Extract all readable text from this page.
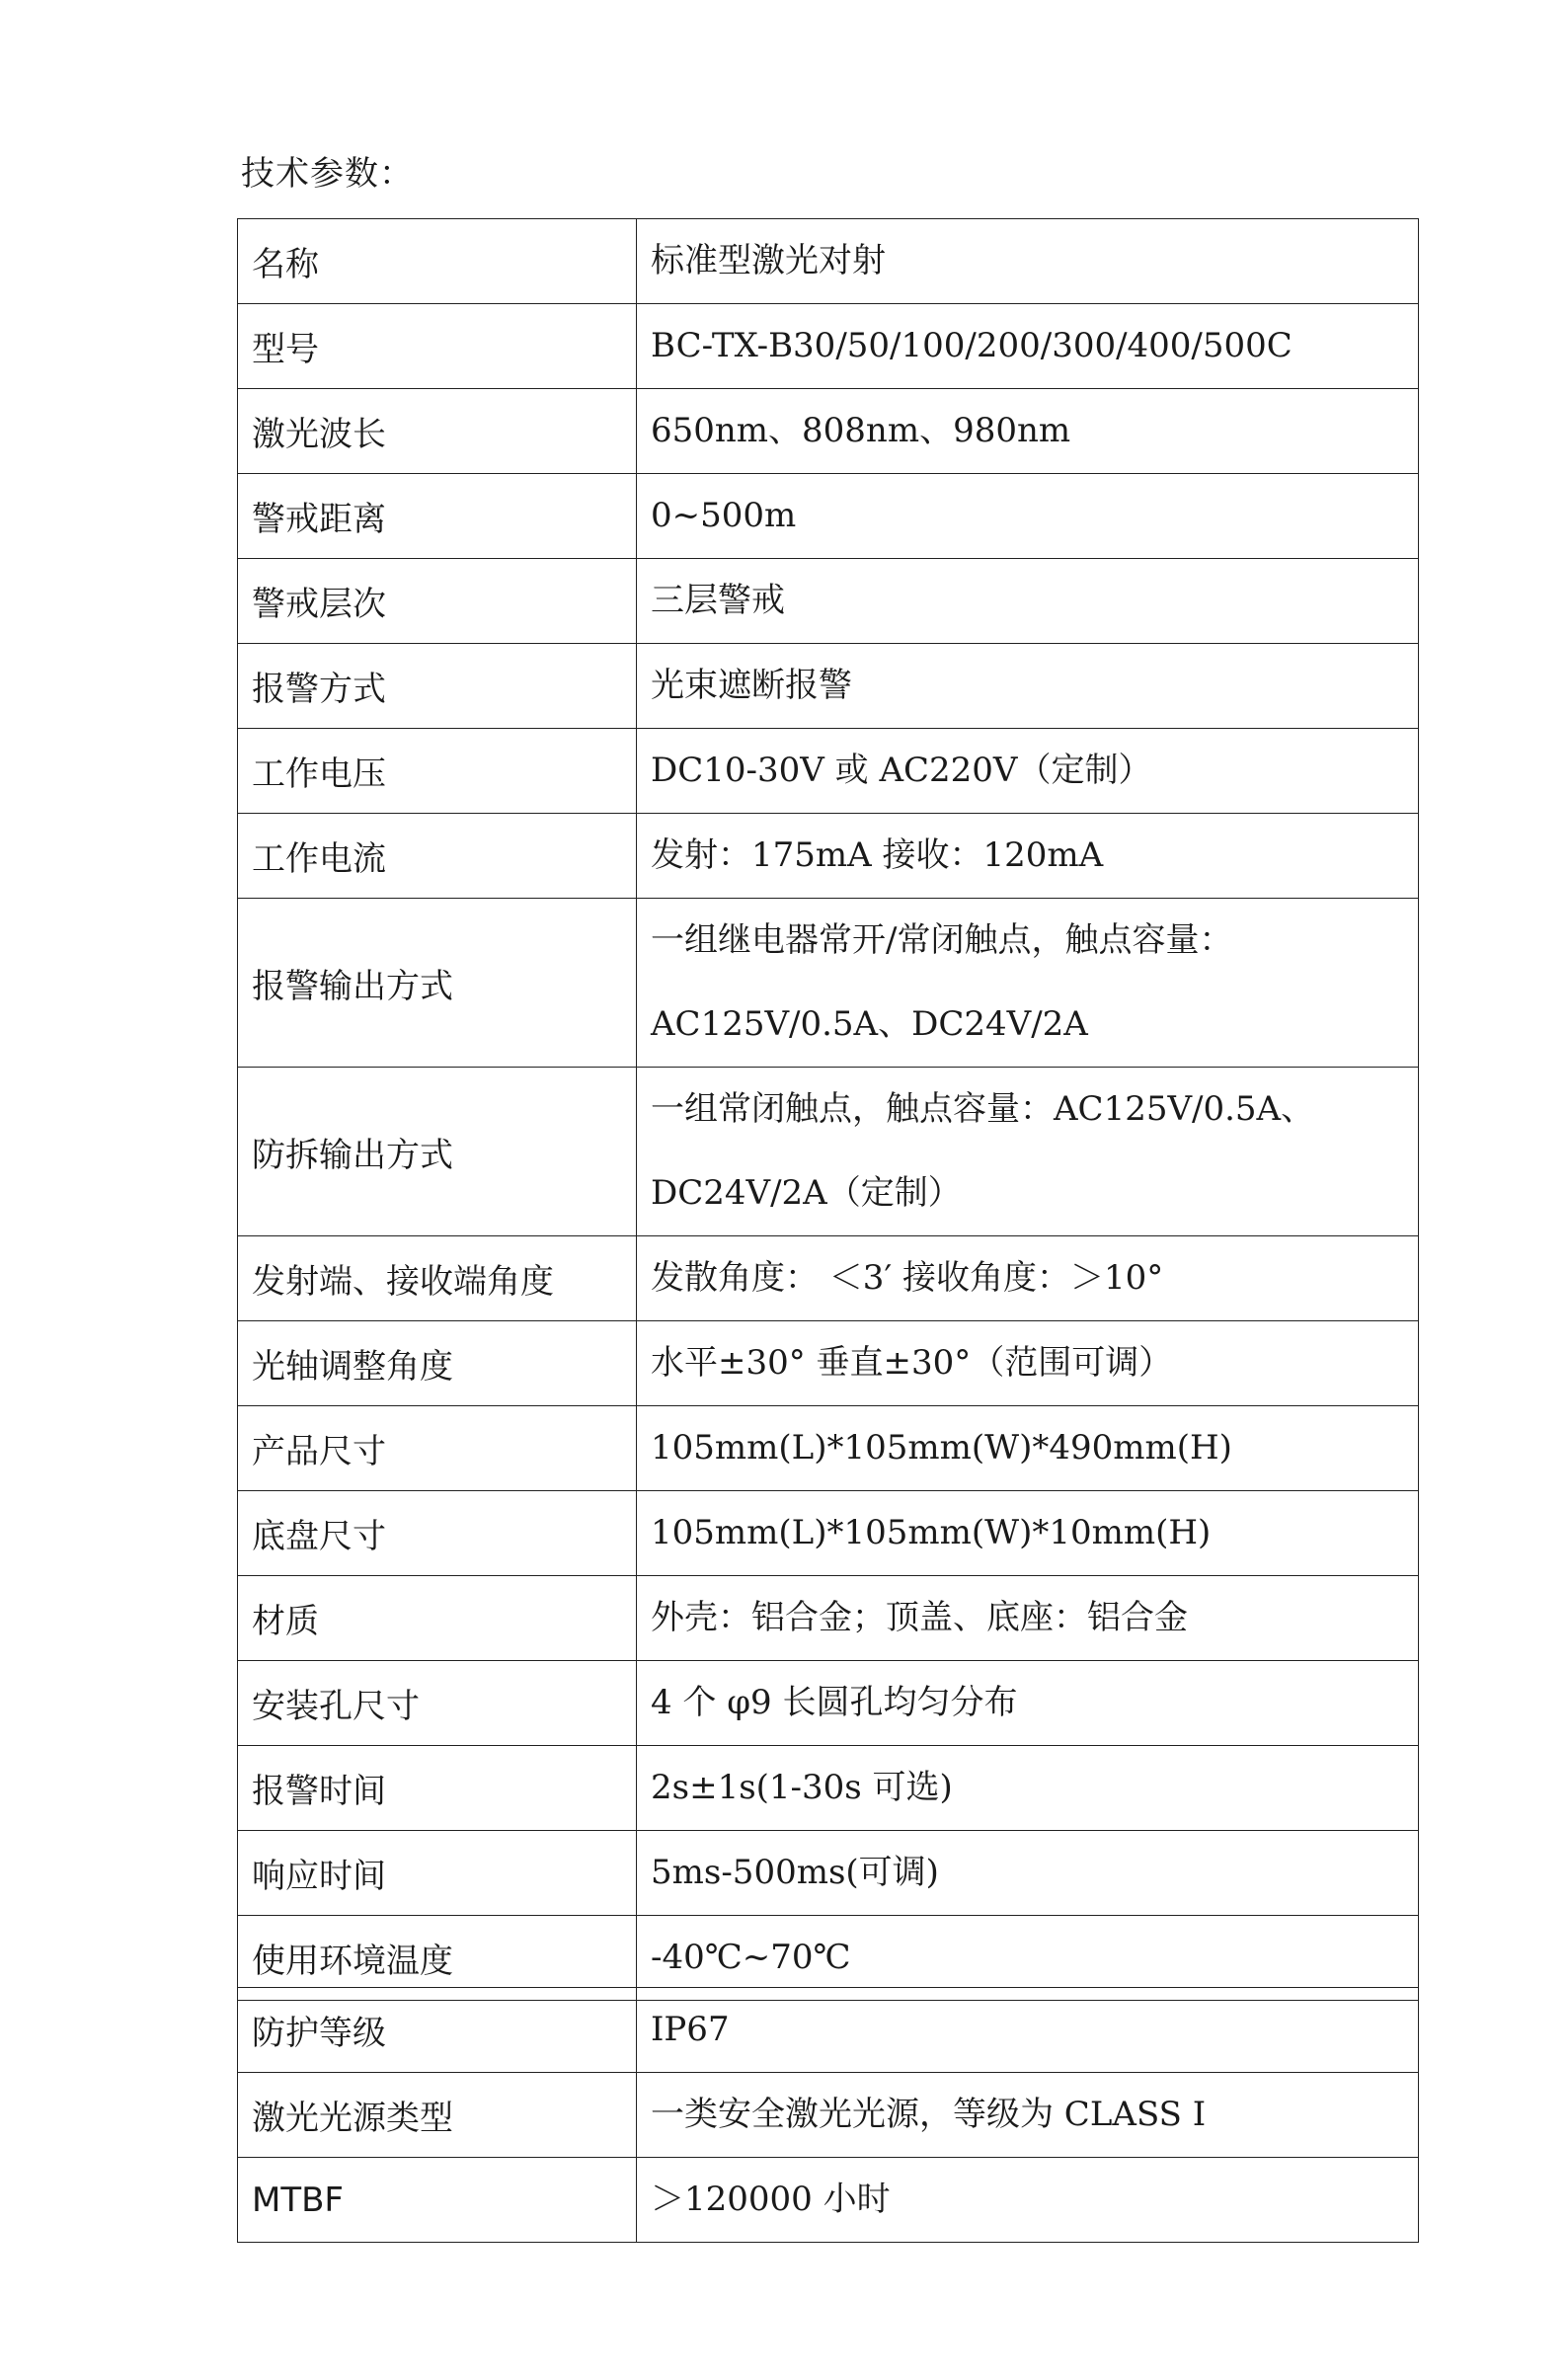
技术参数：
名称	标准型激光对射

型号	BC-TX-B30/50/100/200/300/400/500C

激光波长	650nm、808nm、980nm

警戒距离	0~500m

警戒层次	三层警戒

报警方式	光束遮断报警

工作电压	DC10-30V 或 AC220V（定制）

工作电流	发射：175mA 接收：120mA

报警输出方式	一组继电器常开/常闭触点，触点容量：
AC125V/0.5A、DC24V/2A

防拆输出方式	一组常闭触点，触点容量：AC125V/0.5A、
DC24V/2A（定制）

发射端、接收端角度	发散角度： ＜3′ 接收角度：＞10°

光轴调整角度	水平±30° 垂直±30°（范围可调）

产品尺寸	105mm(L)*105mm(W)*490mm(H)

底盘尺寸	105mm(L)*105mm(W)*10mm(H)

材质	外壳：铝合金；顶盖、底座：铝合金

安装孔尺寸	4 个 φ9 长圆孔均匀分布

报警时间	2s±1s(1-30s 可选)

响应时间	5ms-500ms(可调)

使用环境温度	-40℃~70℃
防护等级	IP67

激光光源类型	一类安全激光光源，等级为 CLASS I

MTBF	＞120000 小时
